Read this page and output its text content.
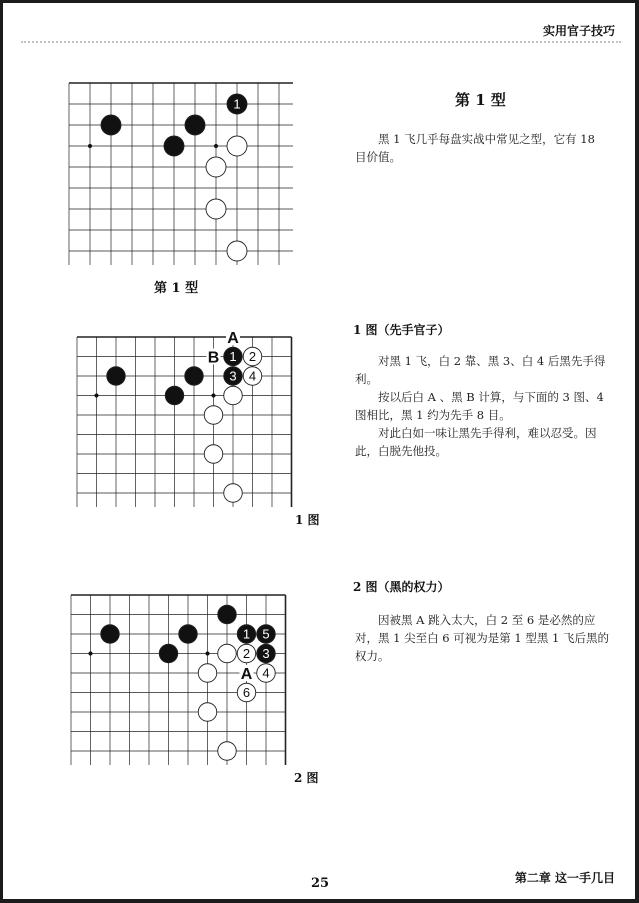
实用官子技巧
1
第 1 型
第 1 型

黑 1 飞几乎每盘实战中常见之型，它有 18 目价值。

1
3
2
4
A
B
1 图
1 图（先手官子）

对黑 1 飞，白 2 靠、黑 3、白 4 后黑先手得利。

按以后白 A 、黑 B 计算，与下面的 3 图、4 图相比，黑 1 约为先手 8 目。

对此白如一味让黑先手得利，难以忍受。因此，白脱先他投。

1 5
3
2
4
6
A
2 图
2 图（黑的权力）

因被黑 A 跳入太大，白 2 至 6 是必然的应对，黑 1 尖至白 6 可视为是第 1 型黑 1 飞后黑的权力。

25	第二章 这一手几目
